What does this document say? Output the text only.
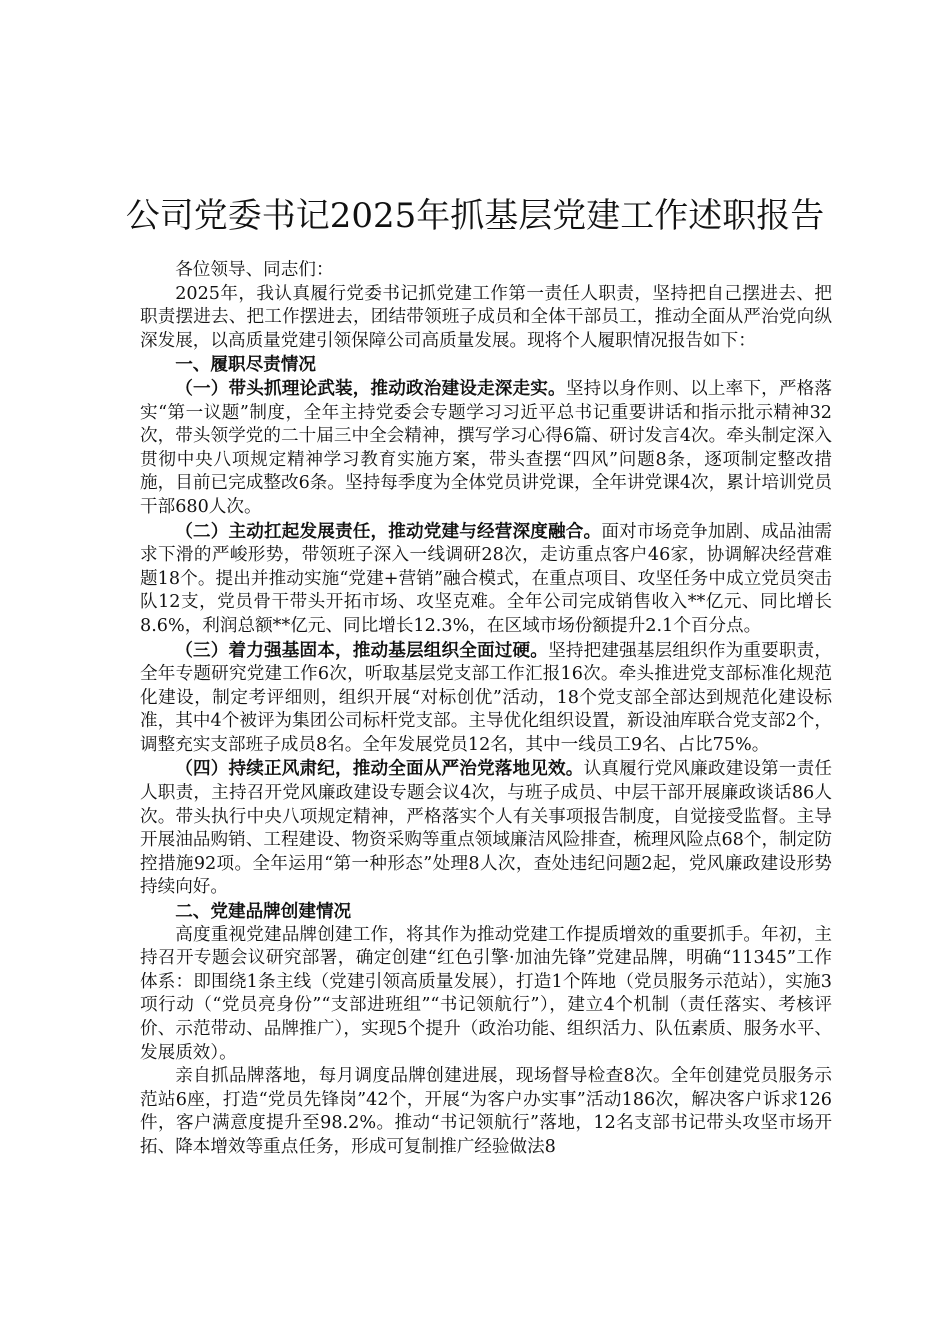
公司党委书记2025年抓基层党建工作述职报告

各位领导、同志们：

2025年，我认真履行党委书记抓党建工作第一责任人职责，坚持把自己摆进去、把职责摆进去、把工作摆进去，团结带领班子成员和全体干部员工，推动全面从严治党向纵深发展，以高质量党建引领保障公司高质量发展。现将个人履职情况报告如下：

一、履职尽责情况

（一）带头抓理论武装，推动政治建设走深走实。坚持以身作则、以上率下，严格落实“第一议题”制度，全年主持党委会专题学习习近平总书记重要讲话和指示批示精神32次，带头领学党的二十届三中全会精神，撰写学习心得6篇、研讨发言4次。牵头制定深入贯彻中央八项规定精神学习教育实施方案，带头查摆“四风”问题8条，逐项制定整改措施，目前已完成整改6条。坚持每季度为全体党员讲党课，全年讲党课4次，累计培训党员干部680人次。

（二）主动扛起发展责任，推动党建与经营深度融合。面对市场竞争加剧、成品油需求下滑的严峻形势，带领班子深入一线调研28次，走访重点客户46家，协调解决经营难题18个。提出并推动实施“党建+营销”融合模式，在重点项目、攻坚任务中成立党员突击队12支，党员骨干带头开拓市场、攻坚克难。全年公司完成销售收入**亿元、同比增长8.6%，利润总额**亿元、同比增长12.3%，在区域市场份额提升2.1个百分点。

（三）着力强基固本，推动基层组织全面过硬。坚持把建强基层组织作为重要职责，全年专题研究党建工作6次，听取基层党支部工作汇报16次。牵头推进党支部标准化规范化建设，制定考评细则，组织开展“对标创优”活动，18个党支部全部达到规范化建设标准，其中4个被评为集团公司标杆党支部。主导优化组织设置，新设油库联合党支部2个，调整充实支部班子成员8名。全年发展党员12名，其中一线员工9名、占比75%。

（四）持续正风肃纪，推动全面从严治党落地见效。认真履行党风廉政建设第一责任人职责，主持召开党风廉政建设专题会议4次，与班子成员、中层干部开展廉政谈话86人次。带头执行中央八项规定精神，严格落实个人有关事项报告制度，自觉接受监督。主导开展油品购销、工程建设、物资采购等重点领域廉洁风险排查，梳理风险点68个，制定防控措施92项。全年运用“第一种形态”处理8人次，查处违纪问题2起，党风廉政建设形势持续向好。

二、党建品牌创建情况

高度重视党建品牌创建工作，将其作为推动党建工作提质增效的重要抓手。年初，主持召开专题会议研究部署，确定创建“红色引擎·加油先锋”党建品牌，明确“11345”工作体系：即围绕1条主线（党建引领高质量发展），打造1个阵地（党员服务示范站），实施3项行动（“党员亮身份”“支部进班组”“书记领航行”），建立4个机制（责任落实、考核评价、示范带动、品牌推广），实现5个提升（政治功能、组织活力、队伍素质、服务水平、发展质效）。

亲自抓品牌落地，每月调度品牌创建进展，现场督导检查8次。全年创建党员服务示范站6座，打造“党员先锋岗”42个，开展“为客户办实事”活动186次，解决客户诉求126件，客户满意度提升至98.2%。推动“书记领航行”落地，12名支部书记带头攻坚市场开拓、降本增效等重点任务，形成可复制推广经验做法8
